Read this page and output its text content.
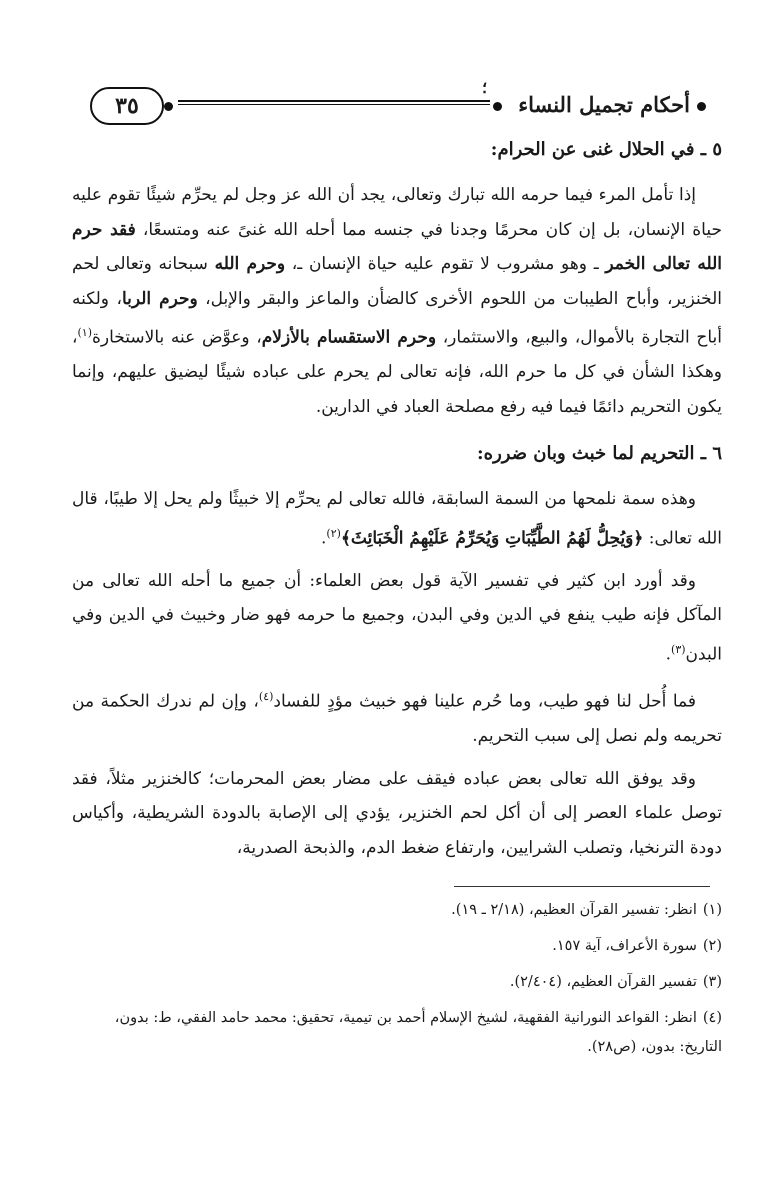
؛
أحكام تجميل النساء
٣٥
٥ ـ في الحلال غنى عن الحرام:

إذا تأمل المرء فيما حرمه الله تبارك وتعالى، يجد أن الله عز وجل لم يحرِّم شيئًا تقوم عليه حياة الإنسان، بل إن كان محرمًا وجدنا في جنسه مما أحله الله غنىً عنه ومتسعًا، فقد حرم الله تعالى الخمر ـ وهو مشروب لا تقوم عليه حياة الإنسان ـ، وحرم الله سبحانه وتعالى لحم الخنزير، وأباح الطيبات من اللحوم الأخرى كالضأن والماعز والبقر والإبل، وحرم الربا، ولكنه أباح التجارة بالأموال، والبيع، والاستثمار، وحرم الاستقسام بالأزلام، وعوَّض عنه بالاستخارة$^{(١)}$، وهكذا الشأن في كل ما حرم الله، فإنه تعالى لم يحرم على عباده شيئًا ليضيق عليهم، وإنما يكون التحريم دائمًا فيما فيه رفع مصلحة العباد في الدارين.

٦ ـ التحريم لما خبث وبان ضرره:

وهذه سمة نلمحها من السمة السابقة، فالله تعالى لم يحرِّم إلا خبيثًا ولم يحل إلا طيبًا، قال الله تعالى: ﴿وَيُحِلُّ لَهُمُ الطَّيِّبَاتِ وَيُحَرِّمُ عَلَيْهِمُ الْخَبَائِثَ﴾$^{(٢)}$.

وقد أورد ابن كثير في تفسير الآية قول بعض العلماء: أن جميع ما أحله الله تعالى من المآكل فإنه طيب ينفع في الدين وفي البدن، وجميع ما حرمه فهو ضار وخبيث في الدين وفي البدن$^{(٣)}$.

فما أُحل لنا فهو طيب، وما حُرم علينا فهو خبيث مؤدٍ للفساد$^{(٤)}$، وإن لم ندرك الحكمة من تحريمه ولم نصل إلى سبب التحريم.

وقد يوفق الله تعالى بعض عباده فيقف على مضار بعض المحرمات؛ كالخنزير مثلاً، فقد توصل علماء العصر إلى أن أكل لحم الخنزير، يؤدي إلى الإصابة بالدودة الشريطية، وأكياس دودة الترنخيا، وتصلب الشرايين، وارتفاع ضغط الدم، والذبحة الصدرية،

(١)انظر: تفسير القرآن العظيم، (٢/١٨ ـ ١٩).
(٢)سورة الأعراف، آية ١٥٧.
(٣)تفسير القرآن العظيم، (٢/٤٠٤).
(٤)انظر: القواعد النورانية الفقهية، لشيخ الإسلام أحمد بن تيمية، تحقيق: محمد حامد الفقي، ط: بدون، التاريخ: بدون، (ص٢٨).
